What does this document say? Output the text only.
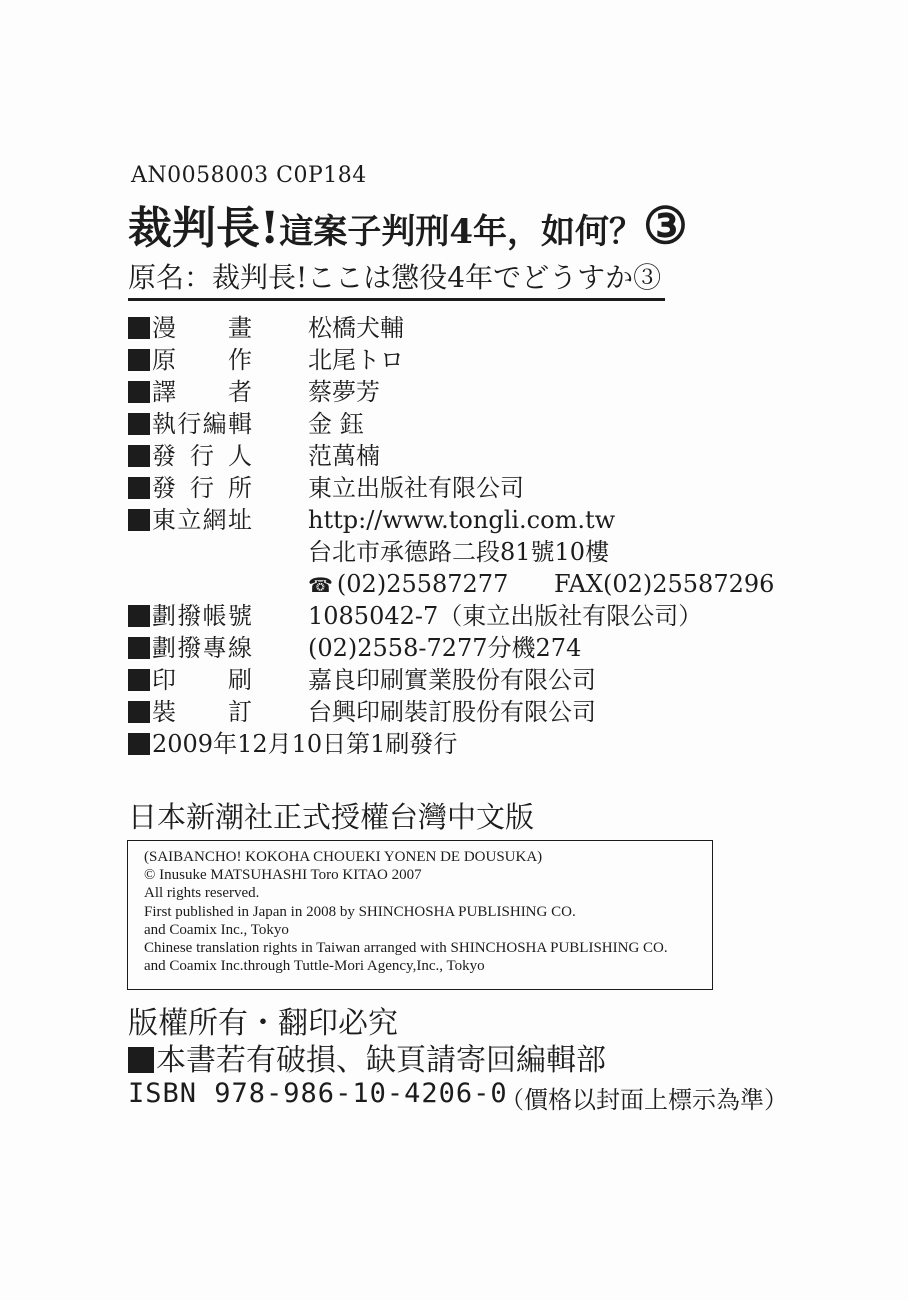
AN0058003 C0P184
裁判長!這案子判刑4年，如何？③
原名：裁判長!ここは懲役4年でどうすか③
漫畫 松橋犬輔
原作 北尾トロ
譯者 蔡夢芳
執行編輯 金 鈺
發行人 范萬楠
發行所 東立出版社有限公司
東立網址 http://www.tongli.com.tw
台北市承德路二段81號10樓
☎ (02)25587277 FAX(02)25587296
劃撥帳號 1085042-7（東立出版社有限公司）
劃撥專線 (02)2558-7277分機274
印刷 嘉良印刷實業股份有限公司
裝訂 台興印刷裝訂股份有限公司
2009年12月10日第1刷發行
日本新潮社正式授權台灣中文版
(SAIBANCHO! KOKOHA CHOUEKI YONEN DE DOUSUKA)
© Inusuke MATSUHASHI Toro KITAO 2007
All rights reserved.
First published in Japan in 2008 by SHINCHOSHA PUBLISHING CO.
and Coamix Inc., Tokyo
Chinese translation rights in Taiwan arranged with SHINCHOSHA PUBLISHING CO.
and Coamix Inc.through Tuttle-Mori Agency,Inc., Tokyo
版權所有・翻印必究
本書若有破損、缺頁請寄回編輯部
ISBN 978-986-10-4206-0
（價格以封面上標示為準）
